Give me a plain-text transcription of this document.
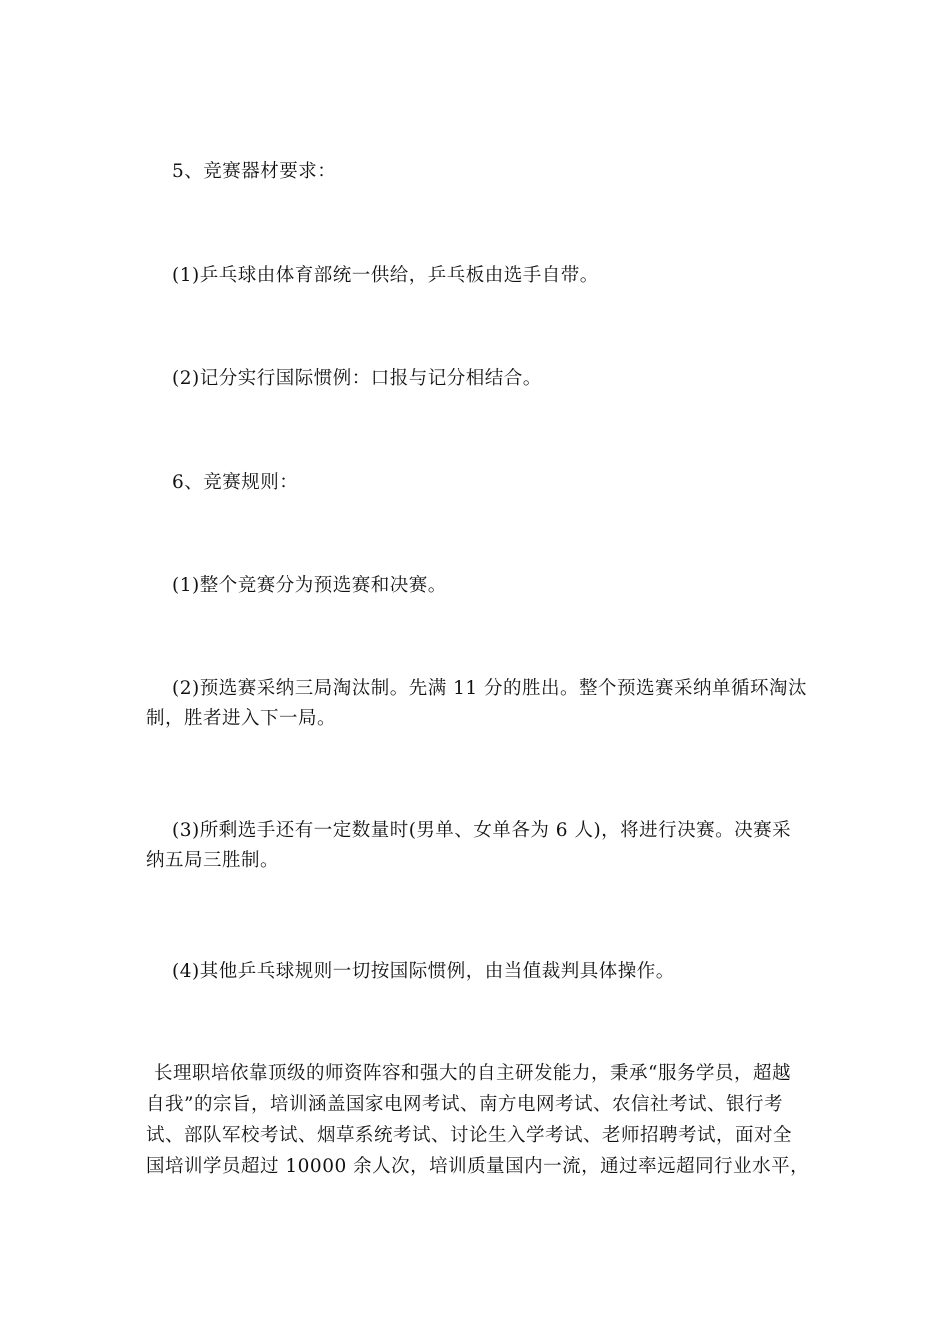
5、竞赛器材要求：
(1)乒乓球由体育部统一供给，乒乓板由选手自带。
(2)记分实行国际惯例：口报与记分相结合。
6、竞赛规则：
(1)整个竞赛分为预选赛和决赛。
(2)预选赛采纳三局淘汰制。先满 11 分的胜出。整个预选赛采纳单循环淘汰
制，胜者进入下一局。
(3)所剩选手还有一定数量时(男单、女单各为 6 人)，将进行决赛。决赛采
纳五局三胜制。
(4)其他乒乓球规则一切按国际惯例，由当值裁判具体操作。
长理职培依靠顶级的师资阵容和强大的自主研发能力，秉承“服务学员，超越
自我”的宗旨，培训涵盖国家电网考试、南方电网考试、农信社考试、银行考
试、部队军校考试、烟草系统考试、讨论生入学考试、老师招聘考试，面对全
国培训学员超过 10000 余人次，培训质量国内一流，通过率远超同行业水平，
